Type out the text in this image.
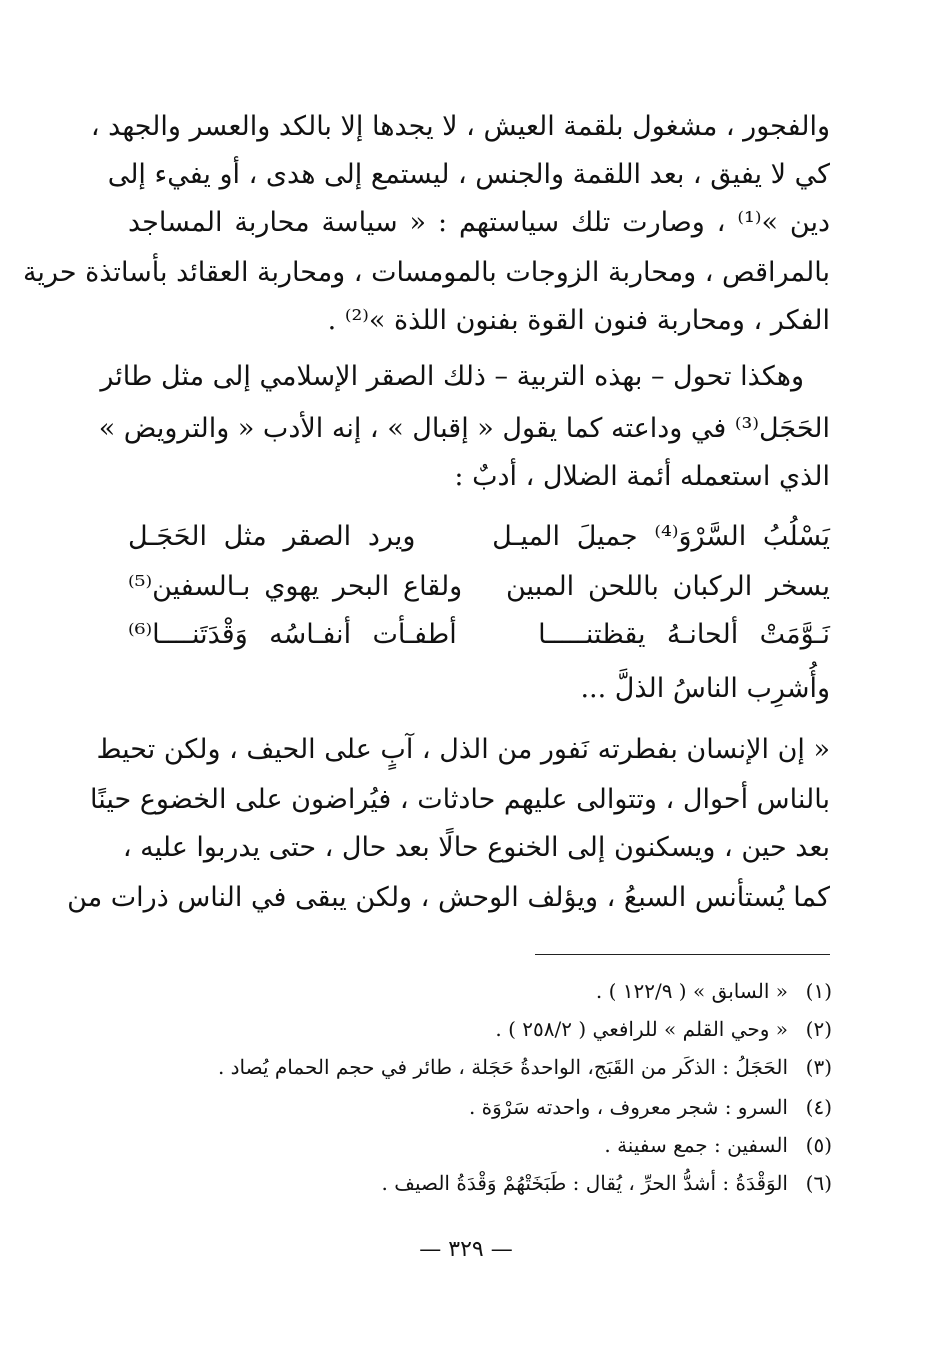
والفجور ، مشغول بلقمة العيش ، لا يجدها إلا بالكد والعسر والجهد ،
كي لا يفيق ، بعد اللقمة والجنس ، ليستمع إلى هدى ، أو يفيء إلى
دين »⁽¹⁾ ، وصارت تلك سياستهم : « سياسة محاربة المساجد
بالمراقص ، ومحاربة الزوجات بالمومسات ، ومحاربة العقائد بأساتذة حرية
الفكر ، ومحاربة فنون القوة بفنون اللذة »⁽²⁾ .
وهكذا تحول – بهذه التربية – ذلك الصقر الإسلامي إلى مثل طائر
الحَجَل⁽³⁾ في وداعته كما يقول « إقبال » ، إنه الأدب « والترويض »
الذي استعمله أئمة الضلال ، أدبٌ :
يَسْلُبُ السَّرْوَ⁽⁴⁾ جميلَ الميـل ويرد الصقر مثل الحَجَـل
يسخر الركبان باللحن المبين ولقاع البحر يهوي بـالسفين⁽⁵⁾
نَـوَّمَتْ ألحانـهُ يقظتنـــــا أطفـأت أنفـاسُه وَقْدَتَنــــا⁽⁶⁾
وأُشرِب الناسُ الذلَّ ...
« إن الإنسان بفطرته نَفور من الذل ، آبٍ على الحيف ، ولكن تحيط
بالناس أحوال ، وتتوالى عليهم حادثات ، فيُراضون على الخضوع حينًا
بعد حين ، ويسكنون إلى الخنوع حالًا بعد حال ، حتى يدربوا عليه ،
كما يُستأنس السبعُ ، ويؤلف الوحش ، ولكن يبقى في الناس ذرات من
(١)« السابق » ( ١٢٢/٩ ) .
(٢)« وحي القلم » للرافعي ( ٢٥٨/٢ ) .
(٣)الحَجَلُ : الذكَر من القَبَج، الواحدةُ حَجَلة ، طائر في حجم الحمام يُصاد .
(٤)السرو : شجر معروف ، واحدته سَرْوَة .
(٥)السفين : جمع سفينة .
(٦)الوَقْدَةُ : أشدُّ الحرِّ ، يُقال : طَبَخَتْهُمْ وَقْدَةُ الصيف .
— ٣٢٩ —
